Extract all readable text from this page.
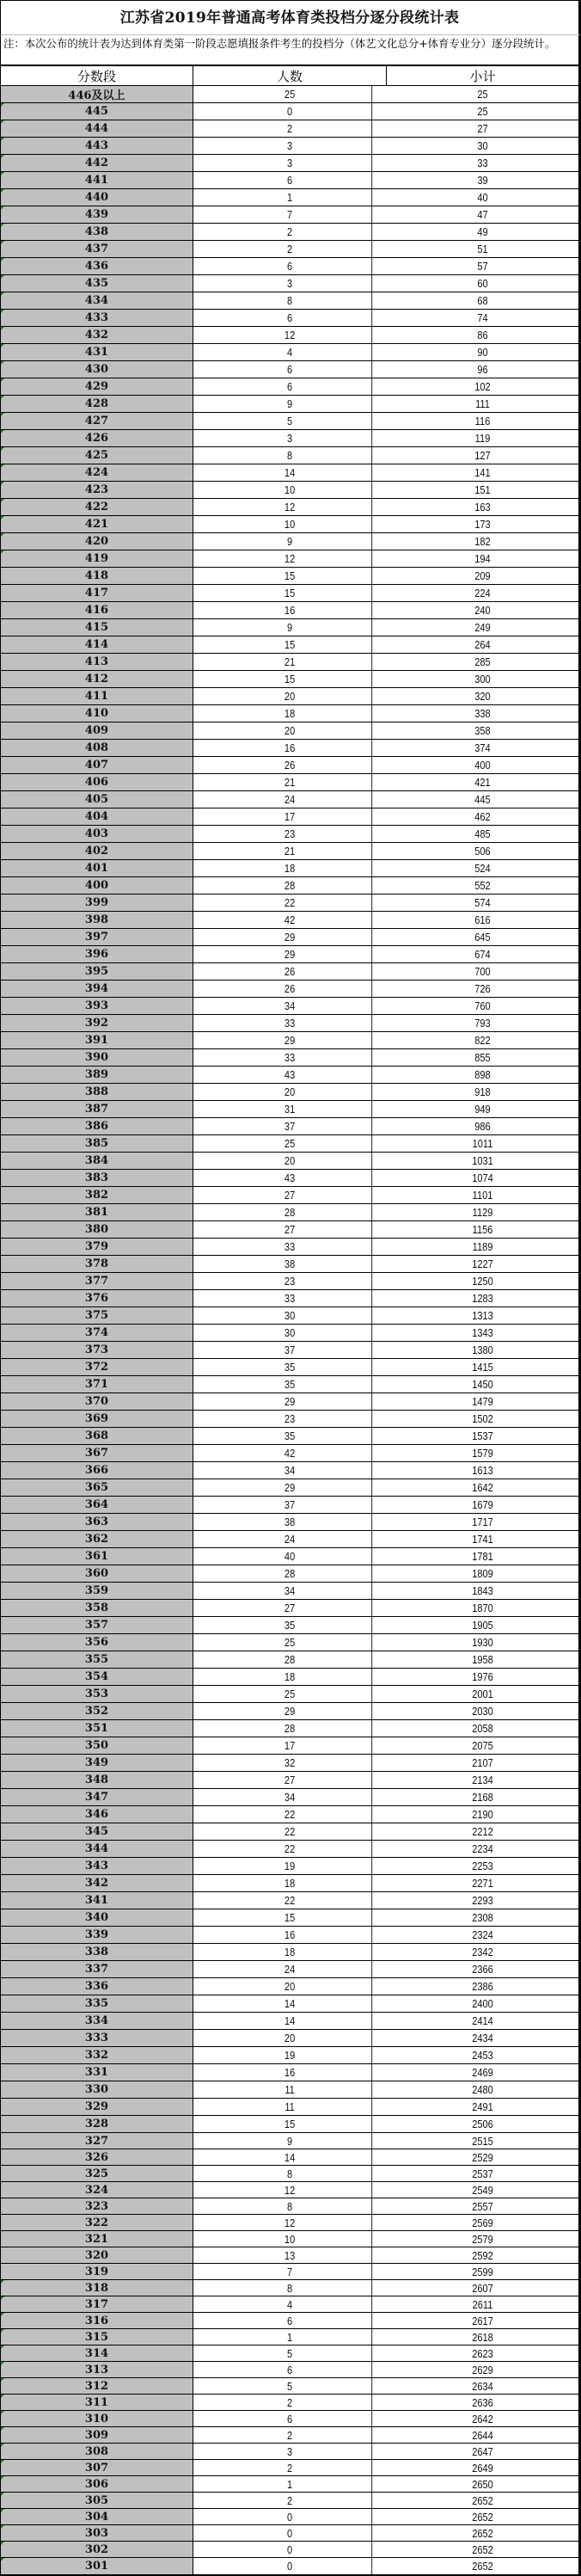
江苏省2019年普通高考体育类投档分逐分段统计表
注：本次公布的统计表为达到体育类第一阶段志愿填报条件考生的投档分（体艺文化总分+体育专业分）逐分段统计。
分数段	人数	小计
446及以上	25	25
445	0	25
444	2	27
443	3	30
442	3	33
441	6	39
440	1	40
439	7	47
438	2	49
437	2	51
436	6	57
435	3	60
434	8	68
433	6	74
432	12	86
431	4	90
430	6	96
429	6	102
428	9	111
427	5	116
426	3	119
425	8	127
424	14	141
423	10	151
422	12	163
421	10	173
420	9	182
419	12	194
418	15	209
417	15	224
416	16	240
415	9	249
414	15	264
413	21	285
412	15	300
411	20	320
410	18	338
409	20	358
408	16	374
407	26	400
406	21	421
405	24	445
404	17	462
403	23	485
402	21	506
401	18	524
400	28	552
399	22	574
398	42	616
397	29	645
396	29	674
395	26	700
394	26	726
393	34	760
392	33	793
391	29	822
390	33	855
389	43	898
388	20	918
387	31	949
386	37	986
385	25	1011
384	20	1031
383	43	1074
382	27	1101
381	28	1129
380	27	1156
379	33	1189
378	38	1227
377	23	1250
376	33	1283
375	30	1313
374	30	1343
373	37	1380
372	35	1415
371	35	1450
370	29	1479
369	23	1502
368	35	1537
367	42	1579
366	34	1613
365	29	1642
364	37	1679
363	38	1717
362	24	1741
361	40	1781
360	28	1809
359	34	1843
358	27	1870
357	35	1905
356	25	1930
355	28	1958
354	18	1976
353	25	2001
352	29	2030
351	28	2058
350	17	2075
349	32	2107
348	27	2134
347	34	2168
346	22	2190
345	22	2212
344	22	2234
343	19	2253
342	18	2271
341	22	2293
340	15	2308
339	16	2324
338	18	2342
337	24	2366
336	20	2386
335	14	2400
334	14	2414
333	20	2434
332	19	2453
331	16	2469
330	11	2480
329	11	2491
328	15	2506
327	9	2515
326	14	2529
325	8	2537
324	12	2549
323	8	2557
322	12	2569
321	10	2579
320	13	2592
319	7	2599
318	8	2607
317	4	2611
316	6	2617
315	1	2618
314	5	2623
313	6	2629
312	5	2634
311	2	2636
310	6	2642
309	2	2644
308	3	2647
307	2	2649
306	1	2650
305	2	2652
304	0	2652
303	0	2652
302	0	2652
301	0	2652
